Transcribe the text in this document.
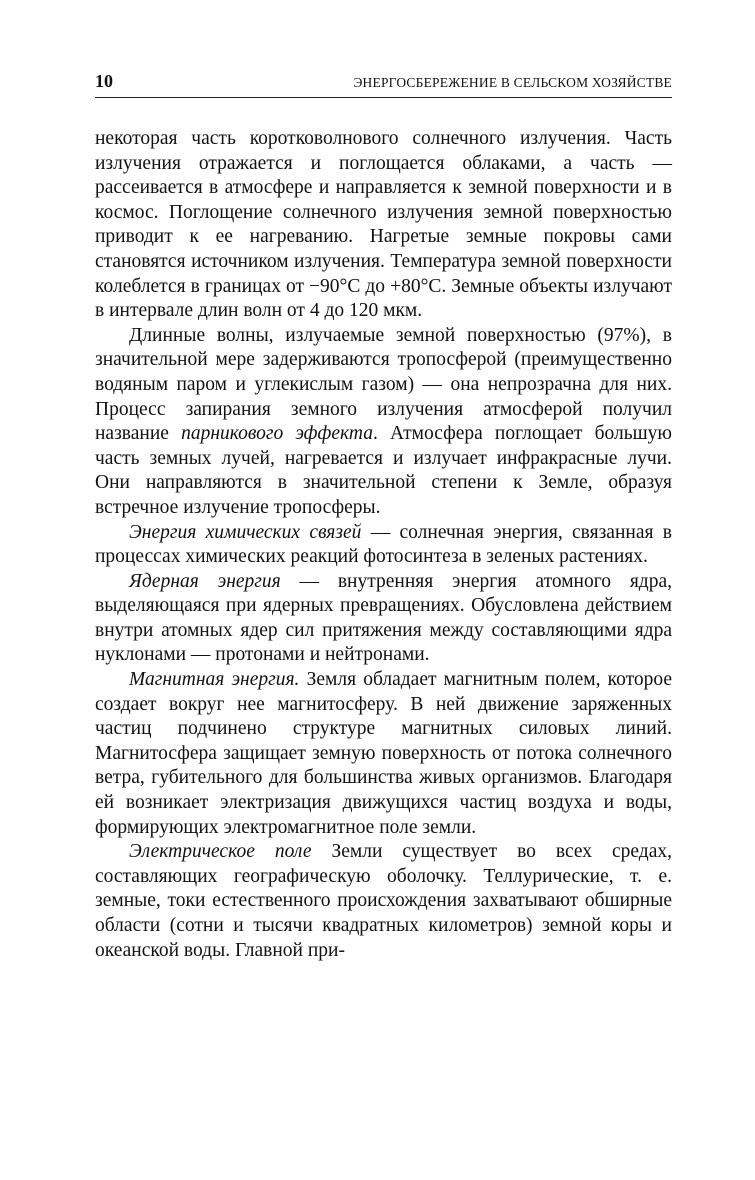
10	ЭНЕРГОСБЕРЕЖЕНИЕ В СЕЛЬСКОМ ХОЗЯЙСТВЕ

некоторая часть коротковолнового солнечного излучения. Часть излучения отражается и поглощается облаками, а часть — рассеивается в атмосфере и направляется к земной поверхности и в космос. Поглощение солнечного излучения земной поверхностью приводит к ее нагреванию. Нагретые земные покровы сами становятся источником излучения. Температура земной поверхности колеблется в границах от −90°C до +80°C. Земные объекты излучают в интервале длин волн от 4 до 120 мкм.

Длинные волны, излучаемые земной поверхностью (97%), в значительной мере задерживаются тропосферой (преимущественно водяным паром и углекислым газом) — она непрозрачна для них. Процесс запирания земного излучения атмосферой получил название парникового эффекта. Атмосфера поглощает большую часть земных лучей, нагревается и излучает инфракрасные лучи. Они направляются в значительной степени к Земле, образуя встречное излучение тропосферы.

Энергия химических связей — солнечная энергия, связанная в процессах химических реакций фотосинтеза в зеленых растениях.

Ядерная энергия — внутренняя энергия атомного ядра, выделяющаяся при ядерных превращениях. Обусловлена действием внутри атомных ядер сил притяжения между составляющими ядра нуклонами — протонами и нейтронами.

Магнитная энергия. Земля обладает магнитным полем, которое создает вокруг нее магнитосферу. В ней движение заряженных частиц подчинено структуре магнитных силовых линий. Магнитосфера защищает земную поверхность от потока солнечного ветра, губительного для большинства живых организмов. Благодаря ей возникает электризация движущихся частиц воздуха и воды, формирующих электромагнитное поле земли.

Электрическое поле Земли существует во всех средах, составляющих географическую оболочку. Теллурические, т. е. земные, токи естественного происхождения захватывают обширные области (сотни и тысячи квадратных километров) земной коры и океанской воды. Главной при-
